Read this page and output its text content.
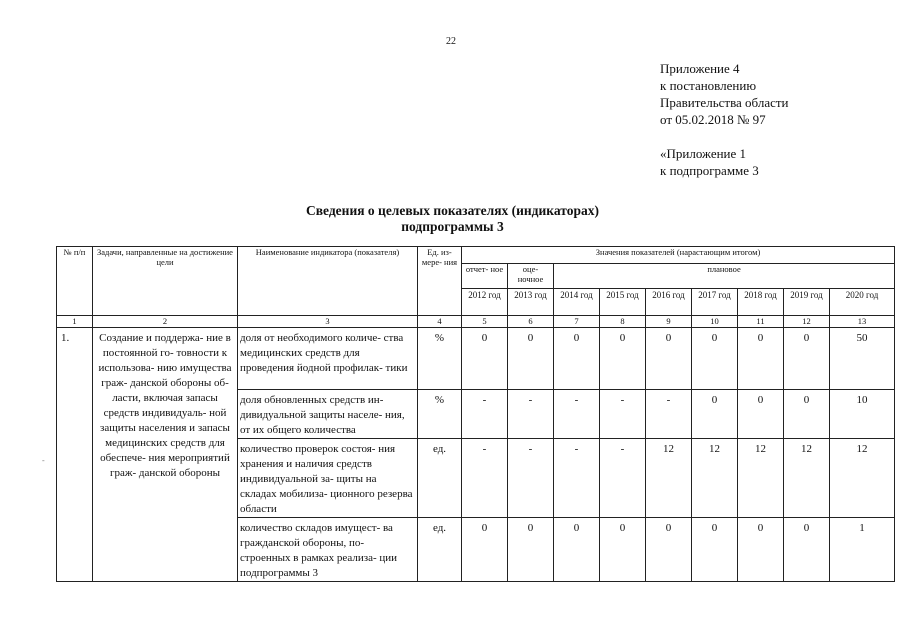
22
Приложение 4
к постановлению
Правительства области
от 05.02.2018 № 97
«Приложение 1
к подпрограмме 3
Сведения о целевых показателях (индикаторах)
подпрограммы 3
-
№ п/п	Задачи, направленные на достижение цели	Наименование индикатора (показателя)	Ед. из- мере- ния	Значения показателей (нарастающим итогом)								
				отчет- ное	оце- ночное	плановое						
				2012 год	2013 год	2014 год	2015 год	2016 год	2017 год	2018 год	2019 год	2020 год
1	2	3	4	5	6	7	8	9	10	11	12	13
1.	Создание и поддержа- ние в постоянной го- товности к использова- нию имущества граж- данской обороны об- ласти, включая запасы средств индивидуаль- ной защиты населения и запасы медицинских средств для обеспече- ния мероприятий граж- данской обороны	доля от необходимого количе- ства медицинских средств для проведения йодной профилак- тики	%	0	0	0	0	0	0	0	0	50
		доля обновленных средств ин- дивидуальной защиты населе- ния, от их общего количества	%	-	-	-	-	-	0	0	0	10
		количество проверок состоя- ния хранения и наличия средств индивидуальной за- щиты на складах мобилиза- ционного резерва области	ед.	-	-	-	-	12	12	12	12	12
		количество складов имущест- ва гражданской обороны, по- строенных в рамках реализа- ции подпрограммы 3	ед.	0	0	0	0	0	0	0	0	1
